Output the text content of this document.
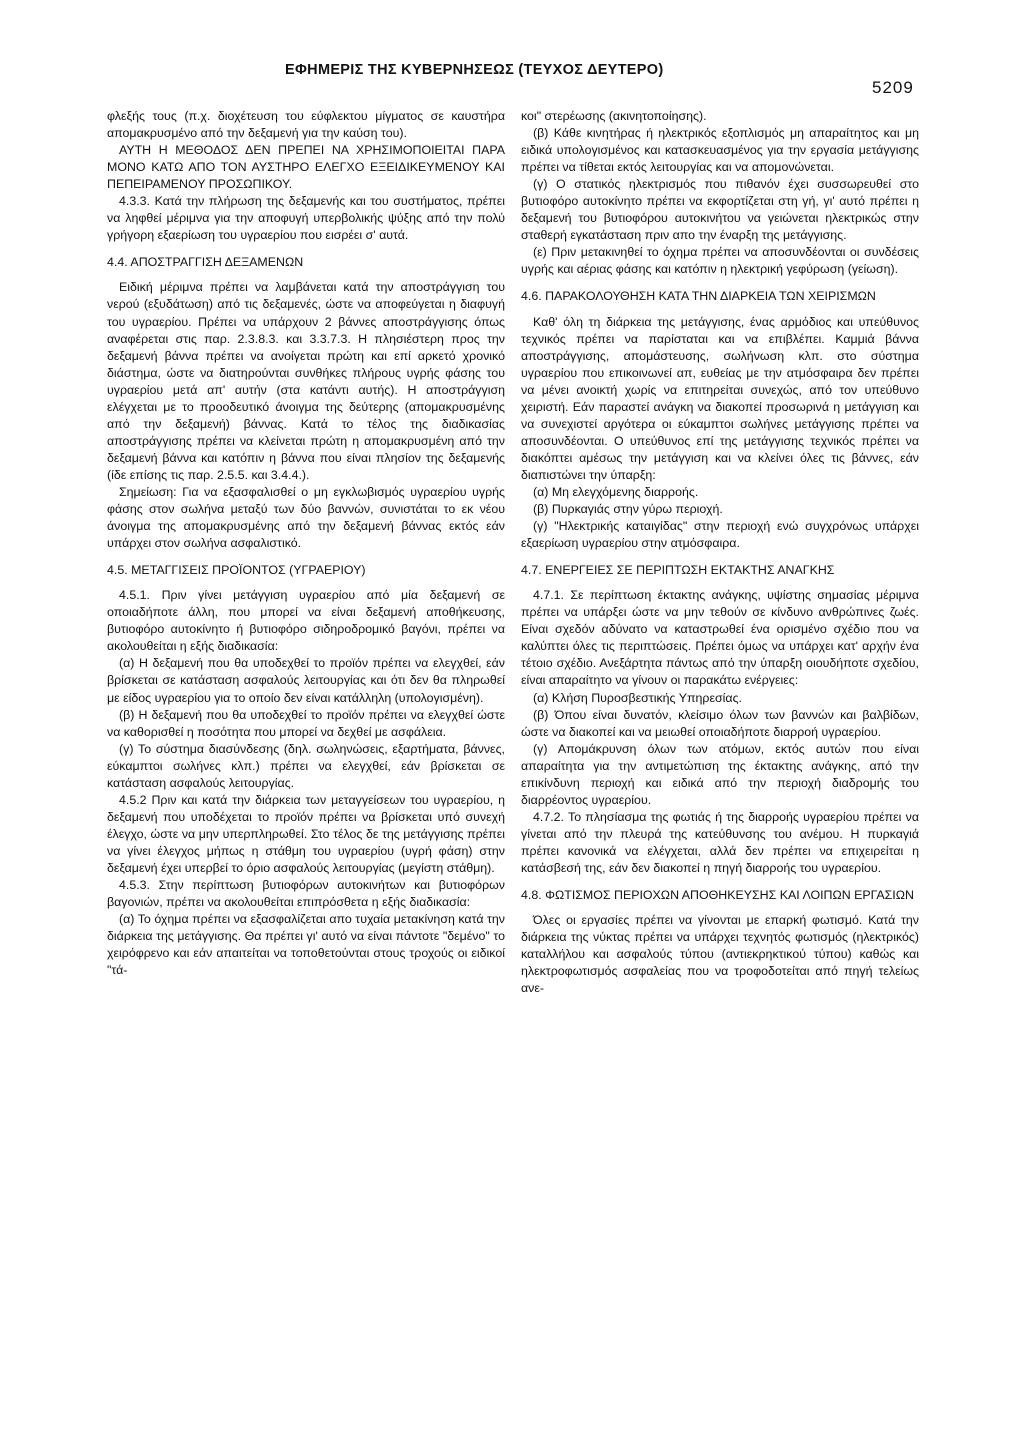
ΕΦΗΜΕΡΙΣ ΤΗΣ ΚΥΒΕΡΝΗΣΕΩΣ (ΤΕΥΧΟΣ ΔΕΥΤΕΡΟ)
5209

φλεξής τους (π.χ. διοχέτευση του εύφλεκτου μίγματος σε καυστήρα απομακρυσμένο από την δεξαμενή για την καύση του).

ΑΥΤΗ Η ΜΕΘΟΔΟΣ ΔΕΝ ΠΡΕΠΕΙ ΝΑ ΧΡΗΣΙΜΟΠΟΙΕΙΤΑΙ ΠΑΡΑ ΜΟΝΟ ΚΑΤΩ ΑΠΟ ΤΟΝ ΑΥΣΤΗΡΟ ΕΛΕΓΧΟ ΕΞΕΙΔΙΚΕΥΜΕΝΟΥ ΚΑΙ ΠΕΠΕΙΡΑΜΕΝΟΥ ΠΡΟΣΩΠΙΚΟΥ.

4.3.3. Κατά την πλήρωση της δεξαμενής και του συστήματος, πρέπει να ληφθεί μέριμνα για την αποφυγή υπερβολικής ψύξης από την πολύ γρήγορη εξαερίωση του υγραερίου που εισρέει σ' αυτά.

4.4. ΑΠΟΣΤΡΑΓΓΙΣΗ ΔΕΞΑΜΕΝΩΝ

Ειδική μέριμνα πρέπει να λαμβάνεται κατά την αποστράγγιση του νερού (εξυδάτωση) από τις δεξαμενές, ώστε να αποφεύγεται η διαφυγή του υγραερίου. Πρέπει να υπάρχουν 2 βάννες αποστράγγισης όπως αναφέρεται στις παρ. 2.3.8.3. και 3.3.7.3. Η πλησιέστερη προς την δεξαμενή βάννα πρέπει να ανοίγεται πρώτη και επί αρκετό χρονικό διάστημα, ώστε να διατηρούνται συνθήκες πλήρους υγρής φάσης του υγραερίου μετά απ' αυτήν (στα κατάντι αυτής). Η αποστράγγιση ελέγχεται με το προοδευτικό άνοιγμα της δεύτερης (απομακρυσμένης από την δεξαμενή) βάννας. Κατά το τέλος της διαδικασίας αποστράγγισης πρέπει να κλείνεται πρώτη η απομακρυσμένη από την δεξαμενή βάννα και κατόπιν η βάννα που είναι πλησίον της δεξαμενής (ίδε επίσης τις παρ. 2.5.5. και 3.4.4.).

Σημείωση: Για να εξασφαλισθεί ο μη εγκλωβισμός υγραερίου υγρής φάσης στον σωλήνα μεταξύ των δύο βαννών, συνιστάται το εκ νέου άνοιγμα της απομακρυσμένης από την δεξαμενή βάννας εκτός εάν υπάρχει στον σωλήνα ασφαλιστικό.

4.5. ΜΕΤΑΓΓΙΣΕΙΣ ΠΡΟΪΟΝΤΟΣ (ΥΓΡΑΕΡΙΟΥ)

4.5.1. Πριν γίνει μετάγγιση υγραερίου από μία δεξαμενή σε οποιαδήποτε άλλη, που μπορεί να είναι δεξαμενή αποθήκευσης, βυτιοφόρο αυτοκίνητο ή βυτιοφόρο σιδηροδρομικό βαγόνι, πρέπει να ακολουθείται η εξής διαδικασία:

(α) Η δεξαμενή που θα υποδεχθεί το προϊόν πρέπει να ελεγχθεί, εάν βρίσκεται σε κατάσταση ασφαλούς λειτουργίας και ότι δεν θα πληρωθεί με είδος υγραερίου για το οποίο δεν είναι κατάλληλη (υπολογισμένη).

(β) Η δεξαμενή που θα υποδεχθεί το προϊόν πρέπει να ελεγχθεί ώστε να καθορισθεί η ποσότητα που μπορεί να δεχθεί με ασφάλεια.

(γ) Το σύστημα διασύνδεσης (δηλ. σωληνώσεις, εξαρτήματα, βάννες, εύκαμπτοι σωλήνες κλπ.) πρέπει να ελεγχθεί, εάν βρίσκεται σε κατάσταση ασφαλούς λειτουργίας.

4.5.2 Πριν και κατά την διάρκεια των μεταγγείσεων του υγραερίου, η δεξαμενή που υποδέχεται το προϊόν πρέπει να βρίσκεται υπό συνεχή έλεγχο, ώστε να μην υπερπληρωθεί. Στο τέλος δε της μετάγγισης πρέπει να γίνει έλεγχος μήπως η στάθμη του υγραερίου (υγρή φάση) στην δεξαμενή έχει υπερβεί το όριο ασφαλούς λειτουργίας (μεγίστη στάθμη).

4.5.3. Στην περίπτωση βυτιοφόρων αυτοκινήτων και βυτιοφόρων βαγονιών, πρέπει να ακολουθείται επιπρόσθετα η εξής διαδικασία:

(α) Το όχημα πρέπει να εξασφαλίζεται απο τυχαία μετακίνηση κατά την διάρκεια της μετάγγισης. Θα πρέπει γι' αυτό να είναι πάντοτε "δεμένο" το χειρόφρενο και εάν απαιτείται να τοποθετούνται στους τροχούς οι ειδικοί "τά-

κοι" στερέωσης (ακινητοποίησης).

(β) Κάθε κινητήρας ή ηλεκτρικός εξοπλισμός μη απαραίτητος και μη ειδικά υπολογισμένος και κατασκευασμένος για την εργασία μετάγγισης πρέπει να τίθεται εκτός λειτουργίας και να απομονώνεται.

(γ) Ο στατικός ηλεκτρισμός που πιθανόν έχει συσσωρευθεί στο βυτιοφόρο αυτοκίνητο πρέπει να εκφορτίζεται στη γή, γι' αυτό πρέπει η δεξαμενή του βυτιοφόρου αυτοκινήτου να γειώνεται ηλεκτρικώς στην σταθερή εγκατάσταση πριν απο την έναρξη της μετάγγισης.

(ε) Πριν μετακινηθεί το όχημα πρέπει να αποσυνδέονται οι συνδέσεις υγρής και αέριας φάσης και κατόπιν η ηλεκτρική γεφύρωση (γείωση).

4.6. ΠΑΡΑΚΟΛΟΥΘΗΣΗ ΚΑΤΑ ΤΗΝ ΔΙΑΡΚΕΙΑ ΤΩΝ ΧΕΙΡΙΣΜΩΝ

Καθ' όλη τη διάρκεια της μετάγγισης, ένας αρμόδιος και υπεύθυνος τεχνικός πρέπει να παρίσταται και να επιβλέπει. Καμμιά βάννα αποστράγγισης, απομάστευσης, σωλήνωση κλπ. στο σύστημα υγραερίου που επικοινωνεί απ, ευθείας με την ατμόσφαιρα δεν πρέπει να μένει ανοικτή χωρίς να επιτηρείται συνεχώς, από τον υπεύθυνο χειριστή. Εάν παραστεί ανάγκη να διακοπεί προσωρινά η μετάγγιση και να συνεχιστεί αργότερα οι εύκαμπτοι σωλήνες μετάγγισης πρέπει να αποσυνδέονται. Ο υπεύθυνος επί της μετάγγισης τεχνικός πρέπει να διακόπτει αμέσως την μετάγγιση και να κλείνει όλες τις βάννες, εάν διαπιστώνει την ύπαρξη:

(α) Μη ελεγχόμενης διαρροής.

(β) Πυρκαγιάς στην γύρω περιοχή.

(γ) "Ηλεκτρικής καταιγίδας" στην περιοχή ενώ συγχρόνως υπάρχει εξαερίωση υγραερίου στην ατμόσφαιρα.

4.7. ΕΝΕΡΓΕΙΕΣ ΣΕ ΠΕΡΙΠΤΩΣΗ ΕΚΤΑΚΤΗΣ ΑΝΑΓΚΗΣ

4.7.1. Σε περίπτωση έκτακτης ανάγκης, υψίστης σημασίας μέριμνα πρέπει να υπάρξει ώστε να μην τεθούν σε κίνδυνο ανθρώπινες ζωές. Είναι σχεδόν αδύνατο να καταστρωθεί ένα ορισμένο σχέδιο που να καλύπτει όλες τις περιπτώσεις. Πρέπει όμως να υπάρχει κατ' αρχήν ένα τέτοιο σχέδιο. Ανεξάρτητα πάντως από την ύπαρξη οιουδήποτε σχεδίου, είναι απαραίτητο να γίνουν οι παρακάτω ενέργειες:

(α) Κλήση Πυροσβεστικής Υπηρεσίας.

(β) Όπου είναι δυνατόν, κλείσιμο όλων των βαννών και βαλβίδων, ώστε να διακοπεί και να μειωθεί οποιαδήποτε διαρροή υγραερίου.

(γ) Απομάκρυνση όλων των ατόμων, εκτός αυτών που είναι απαραίτητα για την αντιμετώπιση της έκτακτης ανάγκης, από την επικίνδυνη περιοχή και ειδικά από την περιοχή διαδρομής του διαρρέοντος υγραερίου.

4.7.2. Το πλησίασμα της φωτιάς ή της διαρροής υγραερίου πρέπει να γίνεται από την πλευρά της κατεύθυνσης του ανέμου. Η πυρκαγιά πρέπει κανονικά να ελέγχεται, αλλά δεν πρέπει να επιχειρείται η κατάσβεσή της, εάν δεν διακοπεί η πηγή διαρροής του υγραερίου.

4.8. ΦΩΤΙΣΜΟΣ ΠΕΡΙΟΧΩΝ ΑΠΟΘΗΚΕΥΣΗΣ ΚΑΙ ΛΟΙΠΩΝ ΕΡΓΑΣΙΩΝ

Όλες οι εργασίες πρέπει να γίνονται με επαρκή φωτισμό. Κατά την διάρκεια της νύκτας πρέπει να υπάρχει τεχνητός φωτισμός (ηλεκτρικός) καταλλήλου και ασφαλούς τύπου (αντιεκρηκτικού τύπου) καθώς και ηλεκτροφωτισμός ασφαλείας που να τροφοδοτείται από πηγή τελείως ανε-
